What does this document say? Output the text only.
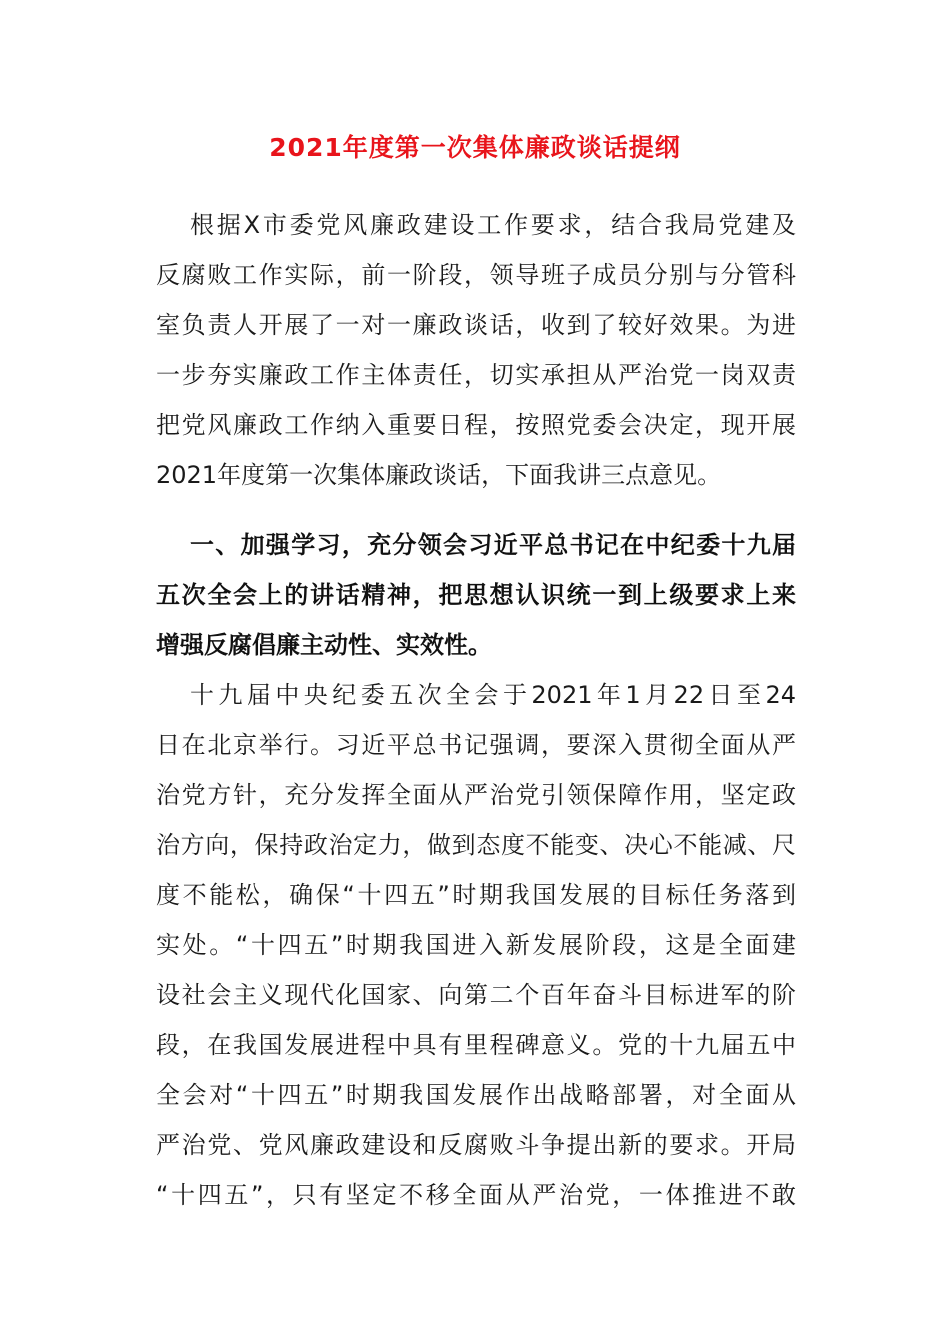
2021年度第一次集体廉政谈话提纲
根据X市委党风廉政建设工作要求，结合我局党建及
反腐败工作实际，前一阶段，领导班子成员分别与分管科
室负责人开展了一对一廉政谈话，收到了较好效果。为进
一步夯实廉政工作主体责任，切实承担从严治党一岗双责
把党风廉政工作纳入重要日程，按照党委会决定，现开展
2021年度第一次集体廉政谈话，下面我讲三点意见。
一、加强学习，充分领会习近平总书记在中纪委十九届
五次全会上的讲话精神，把思想认识统一到上级要求上来
增强反腐倡廉主动性、实效性。
十九届中央纪委五次全会于2021年1月22日至24
日在北京举行。习近平总书记强调，要深入贯彻全面从严
治党方针，充分发挥全面从严治党引领保障作用，坚定政
治方向，保持政治定力，做到态度不能变、决心不能减、尺
度不能松，确保“十四五”时期我国发展的目标任务落到
实处。“十四五”时期我国进入新发展阶段，这是全面建
设社会主义现代化国家、向第二个百年奋斗目标进军的阶
段，在我国发展进程中具有里程碑意义。党的十九届五中
全会对“十四五”时期我国发展作出战略部署，对全面从
严治党、党风廉政建设和反腐败斗争提出新的要求。开局
“十四五”，只有坚定不移全面从严治党，一体推进不敢
